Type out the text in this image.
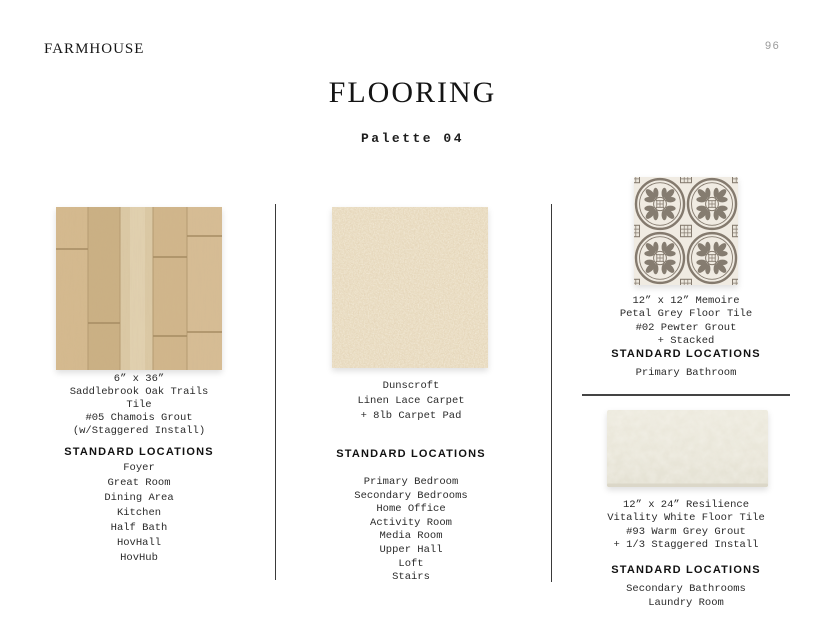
FARMHOUSE	96
FLOORING
Palette 04
6” x 36”
Saddlebrook Oak Trails
Tile
#05 Chamois Grout
(w/Staggered Install)
STANDARD LOCATIONS
Foyer
Great Room
Dining Area
Kitchen
Half Bath
HovHall
HovHub
Dunscroft
Linen Lace Carpet
+ 8lb Carpet Pad
STANDARD LOCATIONS
Primary Bedroom
Secondary Bedrooms
Home Office
Activity Room
Media Room
Upper Hall
Loft
Stairs
12” x 12” Memoire
Petal Grey Floor Tile
#02 Pewter Grout
+ Stacked
STANDARD LOCATIONS
Primary Bathroom
12” x 24” Resilience
Vitality White Floor Tile
#93 Warm Grey Grout
+ 1/3 Staggered Install
STANDARD LOCATIONS
Secondary Bathrooms
Laundry Room
